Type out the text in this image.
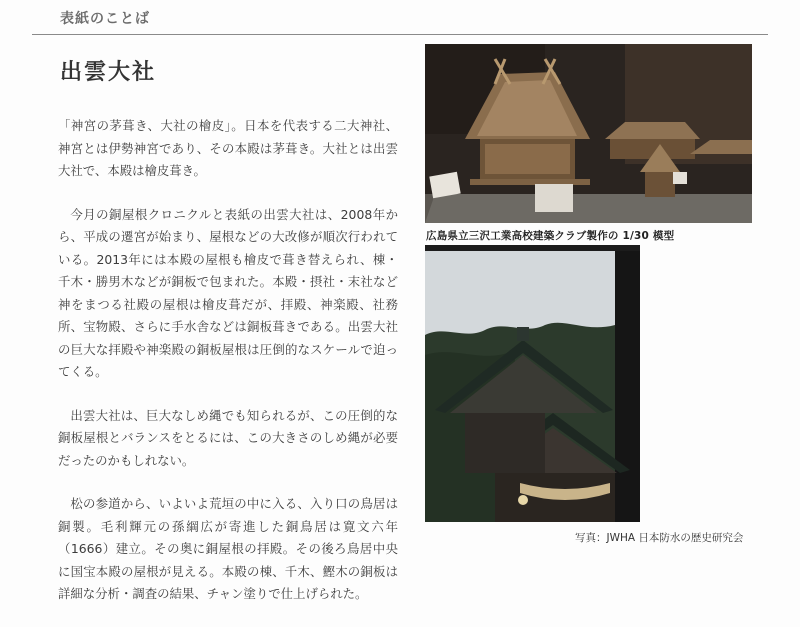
表紙のことば
出雲大社

「神宮の茅葺き、大社の檜皮」。日本を代表する二大神社、神宮とは伊勢神宮であり、その本殿は茅葺き。大社とは出雲大社で、本殿は檜皮葺き。

今月の銅屋根クロニクルと表紙の出雲大社は、2008年から、平成の遷宮が始まり、屋根などの大改修が順次行われている。2013年には本殿の屋根も檜皮で葺き替えられ、棟・千木・勝男木などが銅板で包まれた。本殿・摂社・末社など神をまつる社殿の屋根は檜皮葺だが、拝殿、神楽殿、社務所、宝物殿、さらに手水舎などは銅板葺きである。出雲大社の巨大な拝殿や神楽殿の銅板屋根は圧倒的なスケールで迫ってくる。

出雲大社は、巨大なしめ縄でも知られるが、この圧倒的な銅板屋根とバランスをとるには、この大きさのしめ縄が必要だったのかもしれない。

松の参道から、いよいよ荒垣の中に入る、入り口の鳥居は銅製。毛利輝元の孫綱広が寄進した銅鳥居は寛文六年（1666）建立。その奥に銅屋根の拝殿。その後ろ鳥居中央に国宝本殿の屋根が見える。本殿の棟、千木、鰹木の銅板は詳細な分析・調査の結果、チャン塗りで仕上げられた。

広島県立三沢工業高校建築クラブ製作の 1/30 模型
写真：JWHA 日本防水の歴史研究会
